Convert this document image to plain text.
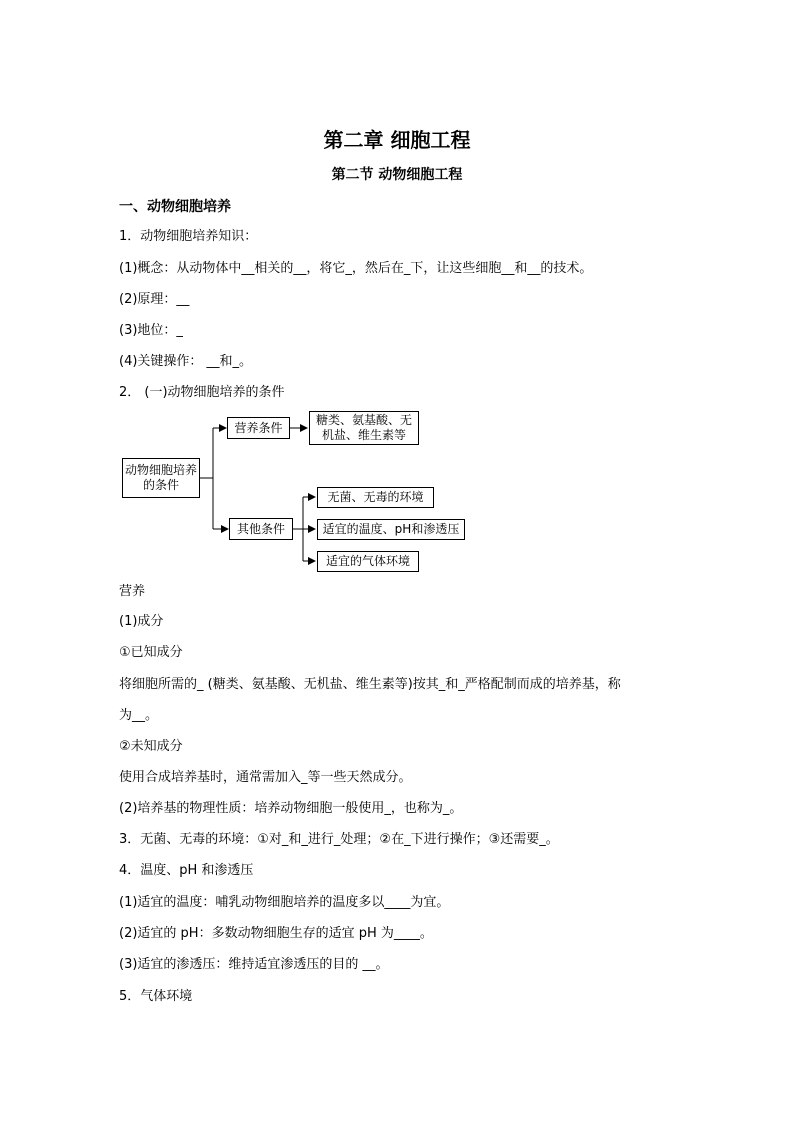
第二章 细胞工程
第二节 动物细胞工程
一、动物细胞培养
1．动物细胞培养知识：
(1)概念：从动物体中__相关的__，将它_，然后在_下，让这些细胞__和__的技术。
(2)原理：__
(3)地位：_
(4)关键操作： __和_。
2． (一)动物细胞培养的条件
动物细胞培养的条件
营养条件
糖类、氨基酸、无机盐、维生素等
其他条件
无菌、无毒的环境
适宜的温度、pH和渗透压
适宜的气体环境
营养
(1)成分
①已知成分
将细胞所需的_ (糖类、氨基酸、无机盐、维生素等)按其_和_严格配制而成的培养基，称
为__。
②未知成分
使用合成培养基时，通常需加入_等一些天然成分。
(2)培养基的物理性质：培养动物细胞一般使用_，也称为_。
3．无菌、无毒的环境：①对_和_进行_处理；②在_下进行操作；③还需要_。
4．温度、pH 和渗透压
(1)适宜的温度：哺乳动物细胞培养的温度多以____为宜。
(2)适宜的 pH：多数动物细胞生存的适宜 pH 为____。
(3)适宜的渗透压：维持适宜渗透压的目的 __。
5．气体环境
